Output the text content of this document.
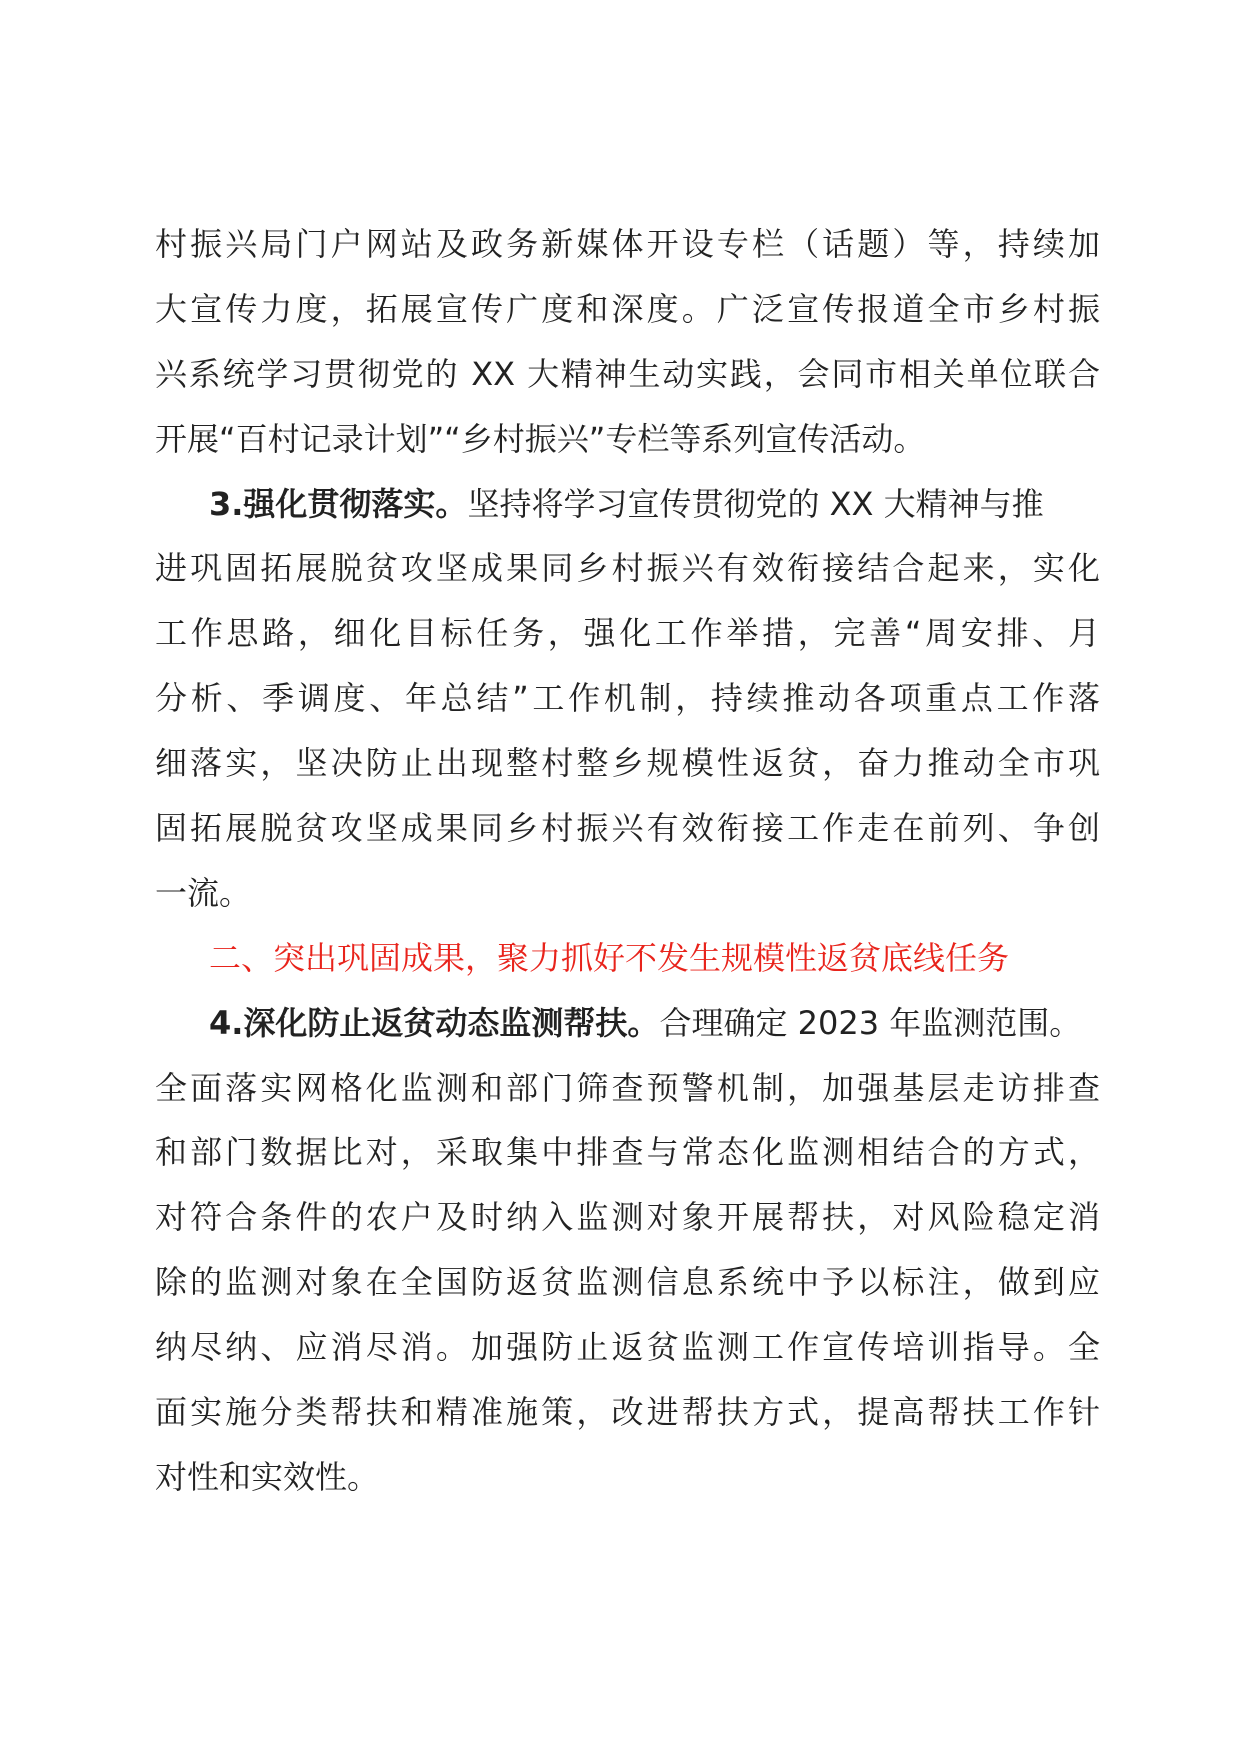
村振兴局门户网站及政务新媒体开设专栏（话题）等，持续加
大宣传力度，拓展宣传广度和深度。广泛宣传报道全市乡村振
兴系统学习贯彻党的 XX 大精神生动实践，会同市相关单位联合
开展“百村记录计划”“乡村振兴”专栏等系列宣传活动。
3.强化贯彻落实。坚持将学习宣传贯彻党的 XX 大精神与推
进巩固拓展脱贫攻坚成果同乡村振兴有效衔接结合起来，实化
工作思路，细化目标任务，强化工作举措，完善“周安排、月
分析、季调度、年总结”工作机制，持续推动各项重点工作落
细落实，坚决防止出现整村整乡规模性返贫，奋力推动全市巩
固拓展脱贫攻坚成果同乡村振兴有效衔接工作走在前列、争创
一流。
二、突出巩固成果，聚力抓好不发生规模性返贫底线任务
4.深化防止返贫动态监测帮扶。合理确定 2023 年监测范围。
全面落实网格化监测和部门筛查预警机制，加强基层走访排查
和部门数据比对，采取集中排查与常态化监测相结合的方式，
对符合条件的农户及时纳入监测对象开展帮扶，对风险稳定消
除的监测对象在全国防返贫监测信息系统中予以标注，做到应
纳尽纳、应消尽消。加强防止返贫监测工作宣传培训指导。全
面实施分类帮扶和精准施策，改进帮扶方式，提高帮扶工作针
对性和实效性。
